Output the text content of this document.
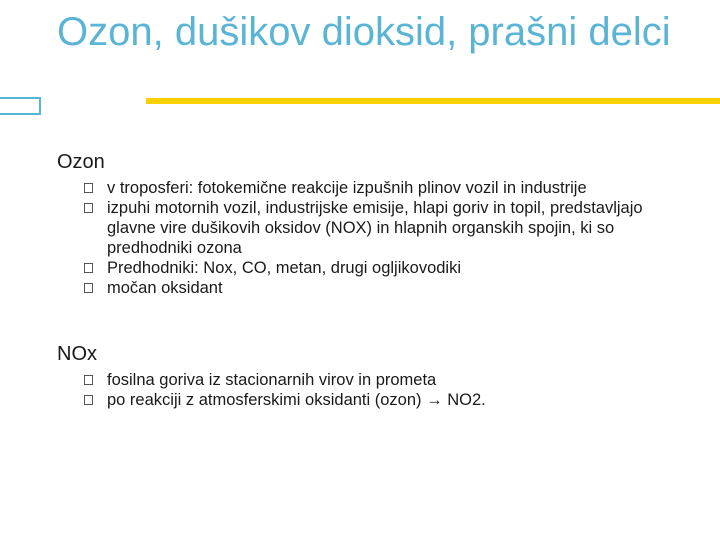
Ozon, dušikov dioksid, prašni delci

Ozon

v troposferi: fotokemične reakcije izpušnih plinov vozil in industrije
izpuhi motornih vozil, industrijske emisije, hlapi goriv in topil, predstavljajo glavne vire dušikovih oksidov (NOX) in hlapnih organskih spojin, ki so predhodniki ozona
Predhodniki: Nox, CO, metan, drugi ogljikovodiki
močan oksidant

NOx

fosilna goriva iz stacionarnih virov in prometa
po reakciji z atmosferskimi oksidanti (ozon) → NO2.
